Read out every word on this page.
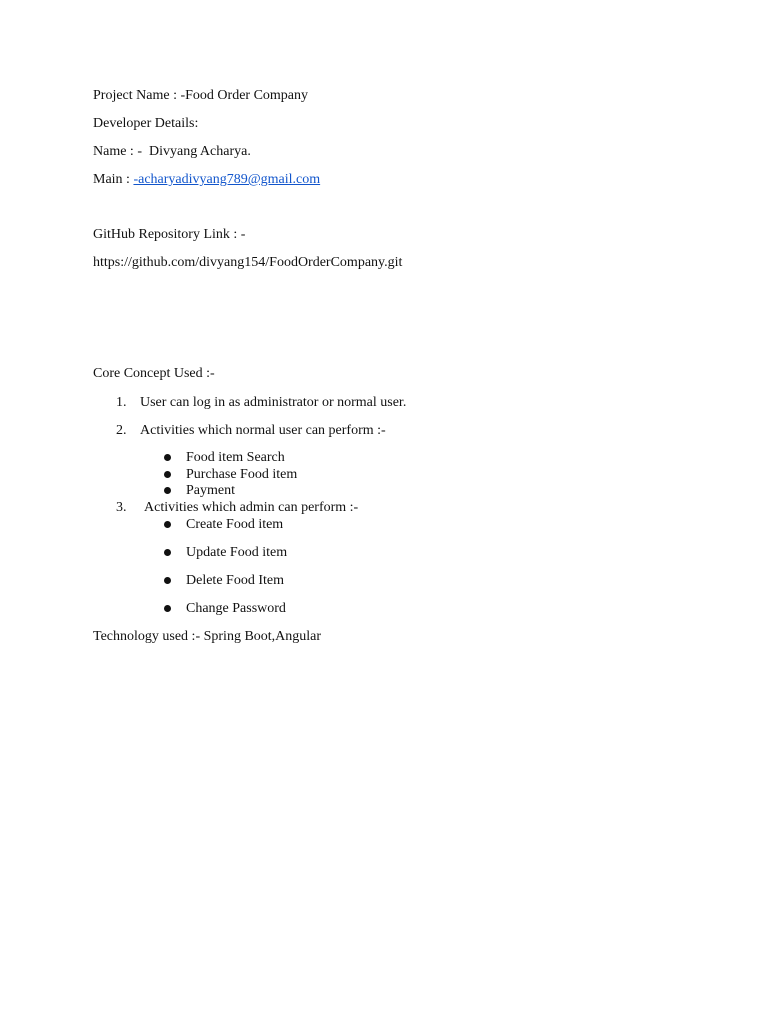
Project Name : -Food Order Company
Developer Details:
Name : - Divyang Acharya.
Main : -acharyadivyang789@gmail.com
GitHub Repository Link : -
https://github.com/divyang154/FoodOrderCompany.git
Core Concept Used :-
1. User can log in as administrator or normal user.
2. Activities which normal user can perform :-
Food item Search
Purchase Food item
Payment
3. Activities which admin can perform :-
Create Food item
Update Food item
Delete Food Item
Change Password
Technology used :- Spring Boot,Angular
